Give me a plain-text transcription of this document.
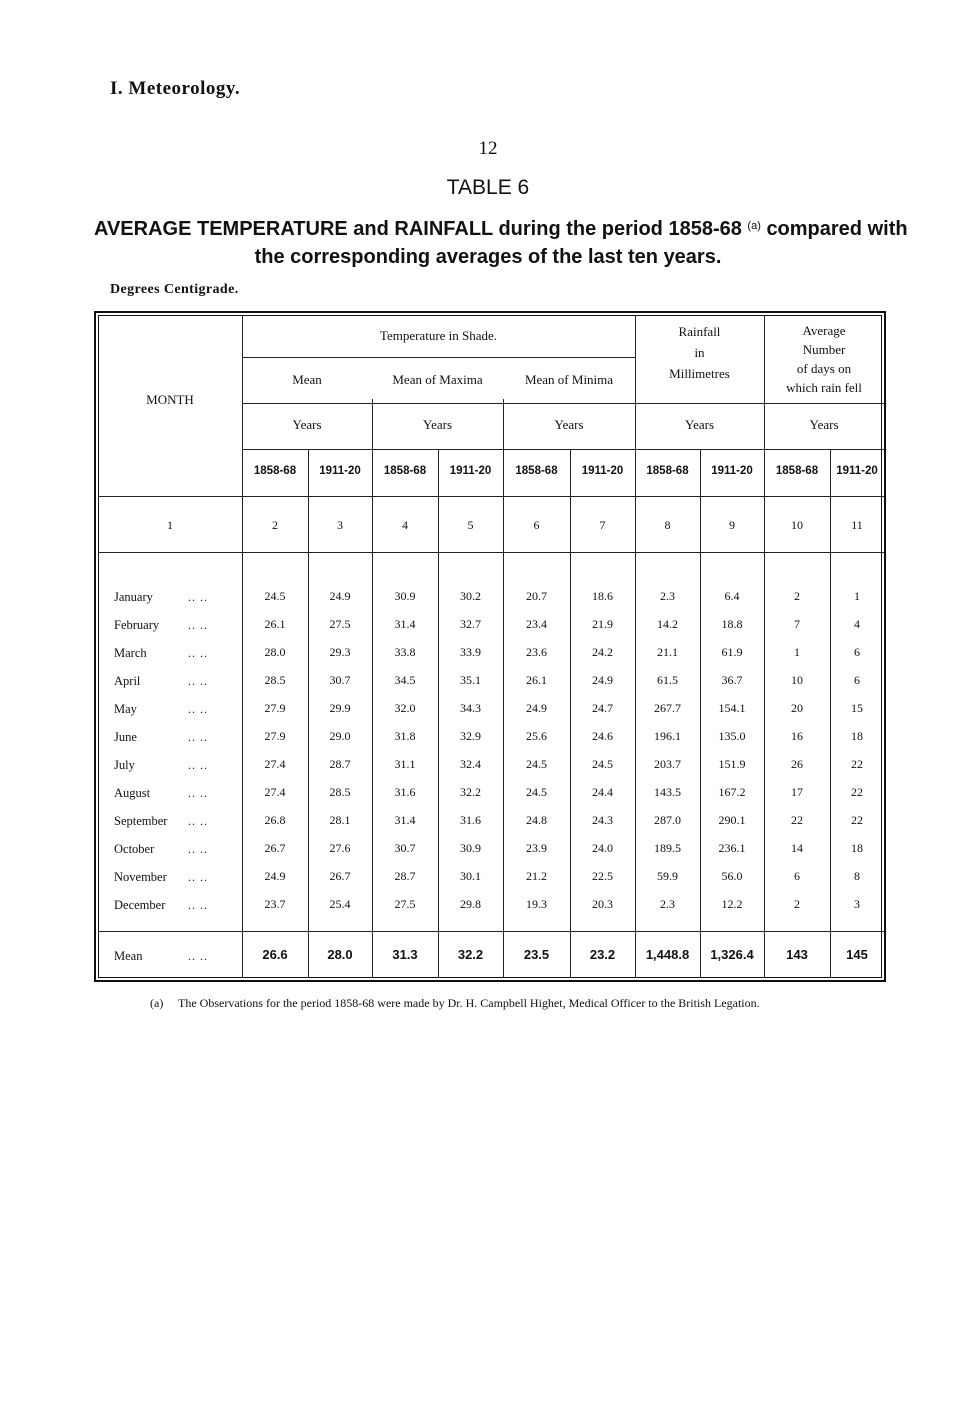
I. Meteorology.
12
TABLE 6
AVERAGE TEMPERATURE and RAINFALL during the period 1858-68 $^{(a)}$ compared with
the corresponding averages of the last ten years.
Degrees Centigrade.
MONTH
Temperature in Shade.	Rainfall
in
Millimetres
Average
Number
of days on
which rain fell
Mean	Mean of Maxima	Mean of Minima
Years	Years	Years	Years	Years
1858-68	1911-20	1858-68	1911-20	1858-68	1911-20	1858-68	1911-20	1858-68	1911-20
1	2	3	4	5	6	7	8	9	10	11
January	.. ..	24.5	24.9	30.9	30.2	20.7	18.6	2.3	6.4	2	1
February .. ..	26.1	27.5	31.4	32.7	23.4	21.9	14.2	18.8	7	4
March	.. ..	28.0	29.3	33.8	33.9	23.6	24.2	21.1	61.9	1	6
April	.. ..	28.5	30.7	34.5	35.1	26.1	24.9	61.5	36.7	10	6
May	.. ..	27.9	29.9	32.0	34.3	24.9	24.7	267.7	154.1	20	15
June	.. ..	27.9	29.0	31.8	32.9	25.6	24.6	196.1	135.0	16	18
July	.. ..	27.4	28.7	31.1	32.4	24.5	24.5	203.7	151.9	26	22
August	.. ..	27.4	28.5	31.6	32.2	24.5	24.4	143.5	167.2	17	22
September .. ..	26.8	28.1	31.4	31.6	24.8	24.3	287.0	290.1	22	22
October	.. ..	26.7	27.6	30.7	30.9	23.9	24.0	189.5	236.1	14	18
November .. ..	24.9	26.7	28.7	30.1	21.2	22.5	59.9	56.0	6	8
December .. ..	23.7	25.4	27.5	29.8	19.3	20.3	2.3	12.2	2	3
Mean	.. ..	26.6	28.0	31.3	32.2	23.5	23.2	1,448.8	1,326.4	143	145
(a) The Observations for the period 1858-68 were made by Dr. H. Campbell Highet, Medical Officer to the British Legation.
